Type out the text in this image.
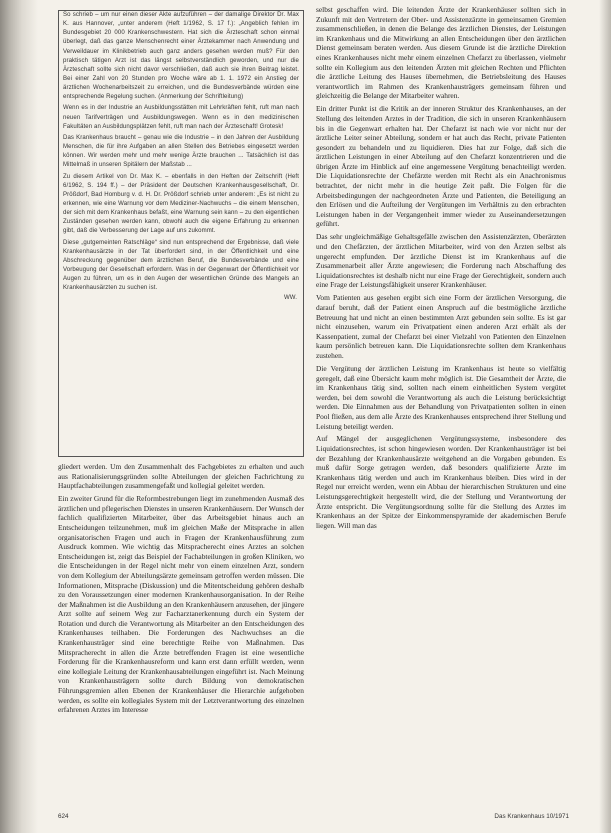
So schrieb – um nur einen dieser Akte aufzuführen – der damalige Direktor Dr. Max K. aus Hannover, „unter anderem (Heft 1/1962, S. 17 f.): „Angeblich fehlen im Bundesgebiet 20 000 Krankenschwestern. Hat sich die Ärzteschaft schon einmal überlegt, daß das ganze Menschenrecht einer Ärztekammer nach Anwendung und Verweildauer im Klinikbetrieb auch ganz anders gesehen werden muß? Für den praktisch tätigen Arzt ist das längst selbstverständlich geworden, und nur die Ärzteschaft sollte sich nicht davor verschließen, daß auch sie ihren Beitrag leistet. Bei einer Zahl von 20 Stunden pro Woche wäre ab 1. 1. 1972 ein Anstieg der ärztlichen Wochenarbeitszeit zu erreichen, und die Bundesverbände würden eine entsprechende Regelung suchen. (Anmerkung der Schriftleitung)

Wenn es in der Industrie an Ausbildungsstätten mit Lehrkräften fehlt, ruft man nach neuen Tarifverträgen und Ausbildungswegen. Wenn es in den medizinischen Fakultäten an Ausbildungsplätzen fehlt, ruft man nach der Ärzteschaft! Grotesk!

Das Krankenhaus braucht – genau wie die Industrie – in den Jahren der Ausbildung Menschen, die für ihre Aufgaben an allen Stellen des Betriebes eingesetzt werden können. Wir werden mehr und mehr wenige Ärzte brauchen ... Tatsächlich ist das Mittelmaß in unseren Spitälern der Maßstab ...

Zu diesem Artikel von Dr. Max K. – ebenfalls in den Heften der Zeitschrift (Heft 6/1962, S. 194 ff.) – der Präsident der Deutschen Krankenhausgesellschaft, Dr. Prößdorf, Bad Homburg v. d. H. Dr. Prößdorf schrieb unter anderem: „Es ist nicht zu erkennen, wie eine Warnung vor dem Mediziner-Nachwuchs – die einem Menschen, der sich mit dem Krankenhaus befaßt, eine Warnung sein kann – zu den eigentlichen Zuständen gesehen werden kann, obwohl auch die eigene Erfahrung zu erkennen gibt, daß die Verbesserung der Lage auf uns zukommt.

Diese „gutgemeinten Ratschläge“ sind nun entsprechend der Ergebnisse, daß viele Krankenhausärzte in der Tat überfordert sind, in der Öffentlichkeit und eine Abschreckung gegenüber dem ärztlichen Beruf, die Bundesverbände und eine Vorbeugung der Gesellschaft erfordern. Was in der Gegenwart der Öffentlichkeit vor Augen zu führen, um es in den Augen der wesentlichen Gründe des Mangels an Krankenhausärzten zu suchen ist.

WW.

gliedert werden. Um den Zusammenhalt des Fachgebietes zu erhalten und auch aus Rationalisierungsgründen sollte Abteilungen der gleichen Fachrichtung zu Hauptfachabteilungen zusammengefaßt und kollegial geleitet werden.

Ein zweiter Grund für die Reformbestrebungen liegt im zunehmenden Ausmaß des ärztlichen und pflegerischen Dienstes in unseren Krankenhäusern. Der Wunsch der fachlich qualifizierten Mitarbeiter, über das Arbeitsgebiet hinaus auch an Entscheidungen teilzunehmen, muß im gleichen Maße der Mitsprache in allen organisatorischen Fragen und auch in Fragen der Krankenhausführung zum Ausdruck kommen. Wie wichtig das Mitspracherecht eines Arztes an solchen Entscheidungen ist, zeigt das Beispiel der Fachabteilungen in großen Kliniken, wo die Entscheidungen in der Regel nicht mehr von einem einzelnen Arzt, sondern von dem Kollegium der Abteilungsärzte gemeinsam getroffen werden müssen. Die Informationen, Mitsprache (Diskussion) und die Mitentscheidung gehören deshalb zu den Voraussetzungen einer modernen Krankenhausorganisation. In der Reihe der Maßnahmen ist die Ausbildung an den Krankenhäusern anzusehen, der jüngere Arzt sollte auf seinem Weg zur Facharztanerkennung durch ein System der Rotation und durch die Verantwortung als Mitarbeiter an den Entscheidungen des Krankenhauses teilhaben. Die Forderungen des Nachwuchses an die Krankenhausträger sind eine berechtigte Reihe von Maßnahmen. Das Mitspracherecht in allen die Ärzte betreffenden Fragen ist eine wesentliche Forderung für die Krankenhausreform und kann erst dann erfüllt werden, wenn eine kollegiale Leitung der Krankenhausabteilungen eingeführt ist. Nach Meinung von Krankenhausträgern sollte durch Bildung von demokratischen Führungsgremien allen Ebenen der Krankenhäuser die Hierarchie aufgehoben werden, es sollte ein kollegiales System mit der Letztverantwortung des einzelnen erfahrenen Arztes im Interesse

selbst geschaffen wird. Die leitenden Ärzte der Krankenhäuser sollten sich in Zukunft mit den Vertretern der Ober- und Assistenzärzte in gemeinsamen Gremien zusammenschließen, in denen die Belange des ärztlichen Dienstes, der Leistungen im Krankenhaus und die Mitwirkung an allen Entscheidungen über den ärztlichen Dienst gemeinsam beraten werden. Aus diesem Grunde ist die ärztliche Direktion eines Krankenhauses nicht mehr einem einzelnen Chefarzt zu überlassen, vielmehr sollte ein Kollegium aus den leitenden Ärzten mit gleichen Rechten und Pflichten die ärztliche Leitung des Hauses übernehmen, die Betriebsleitung des Hauses verantwortlich im Rahmen des Krankenhausträgers gemeinsam führen und gleichzeitig die Belange der Mitarbeiter wahren.

Ein dritter Punkt ist die Kritik an der inneren Struktur des Krankenhauses, an der Stellung des leitenden Arztes in der Tradition, die sich in unseren Krankenhäusern bis in die Gegenwart erhalten hat. Der Chefarzt ist nach wie vor nicht nur der ärztliche Leiter seiner Abteilung, sondern er hat auch das Recht, private Patienten gesondert zu behandeln und zu liquidieren. Dies hat zur Folge, daß sich die ärztlichen Leistungen in einer Abteilung auf den Chefarzt konzentrieren und die übrigen Ärzte im Hinblick auf eine angemessene Vergütung benachteiligt werden. Die Liquidationsrechte der Chefärzte werden mit Recht als ein Anachronismus betrachtet, der nicht mehr in die heutige Zeit paßt. Die Folgen für die Arbeitsbedingungen der nachgeordneten Ärzte und Patienten, die Beteiligung an den Erlösen und die Aufteilung der Vergütungen im Verhältnis zu den erbrachten Leistungen haben in der Vergangenheit immer wieder zu Auseinandersetzungen geführt.

Das sehr ungleichmäßige Gehaltsgefälle zwischen den Assistenzärzten, Oberärzten und den Chefärzten, der ärztlichen Mitarbeiter, wird von den Ärzten selbst als ungerecht empfunden. Der ärztliche Dienst ist im Krankenhaus auf die Zusammenarbeit aller Ärzte angewiesen; die Forderung nach Abschaffung des Liquidationsrechtes ist deshalb nicht nur eine Frage der Gerechtigkeit, sondern auch eine Frage der Leistungsfähigkeit unserer Krankenhäuser.

Vom Patienten aus gesehen ergibt sich eine Form der ärztlichen Versorgung, die darauf beruht, daß der Patient einen Anspruch auf die bestmögliche ärztliche Betreuung hat und nicht an einen bestimmten Arzt gebunden sein sollte. Es ist gar nicht einzusehen, warum ein Privatpatient einen anderen Arzt erhält als der Kassenpatient, zumal der Chefarzt bei einer Vielzahl von Patienten den Einzelnen kaum persönlich betreuen kann. Die Liquidationsrechte sollten dem Krankenhaus zustehen.

Die Vergütung der ärztlichen Leistung im Krankenhaus ist heute so vielfältig geregelt, daß eine Übersicht kaum mehr möglich ist. Die Gesamtheit der Ärzte, die im Krankenhaus tätig sind, sollten nach einem einheitlichen System vergütet werden, bei dem sowohl die Verantwortung als auch die Leistung berücksichtigt werden. Die Einnahmen aus der Behandlung von Privatpatienten sollten in einen Pool fließen, aus dem alle Ärzte des Krankenhauses entsprechend ihrer Stellung und Leistung beteiligt werden.

Auf Mängel der ausgeglichenen Vergütungssysteme, insbesondere des Liquidationsrechtes, ist schon hingewiesen worden. Der Krankenhausträger ist bei der Bezahlung der Krankenhausärzte weitgehend an die Vorgaben gebunden. Es muß dafür Sorge getragen werden, daß besonders qualifizierte Ärzte im Krankenhaus tätig werden und auch im Krankenhaus bleiben. Dies wird in der Regel nur erreicht werden, wenn ein Abbau der hierarchischen Strukturen und eine Leistungsgerechtigkeit hergestellt wird, die der Stellung und Verantwortung der Ärzte entspricht. Die Vergütungsordnung sollte für die Stellung des Arztes im Krankenhaus an der Spitze der Einkommenspyramide der akademischen Berufe liegen. Will man das

624	Das Krankenhaus 10/1971
